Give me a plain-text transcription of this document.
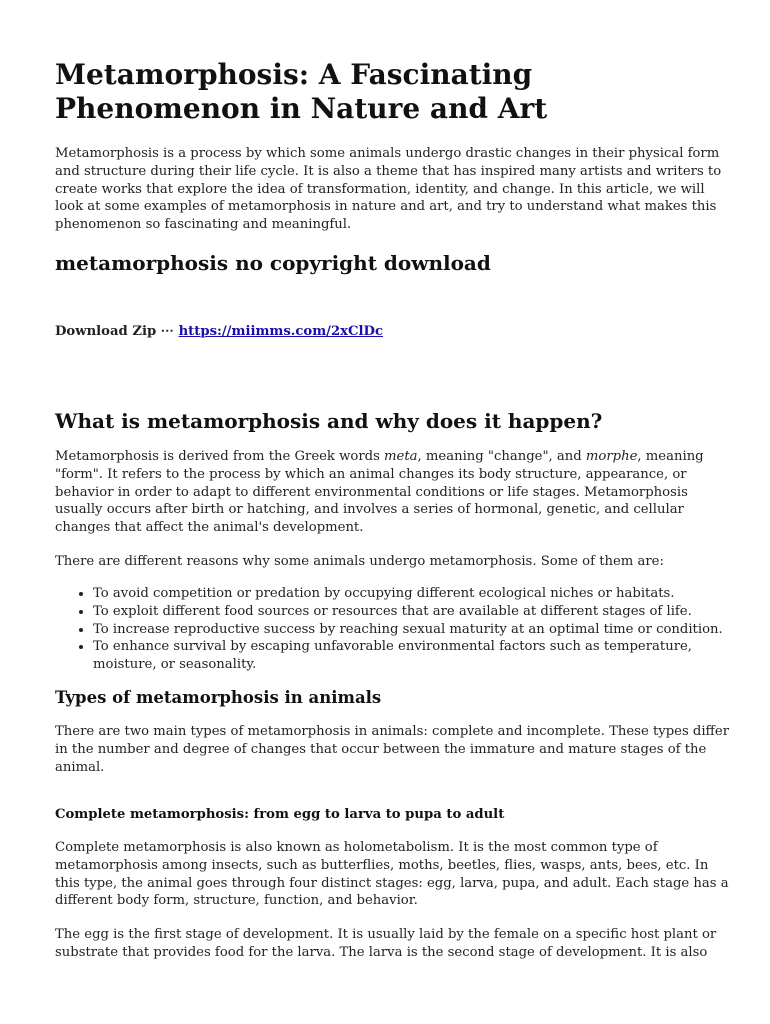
Metamorphosis: A Fascinating Phenomenon in Nature and Art

Metamorphosis is a process by which some animals undergo drastic changes in their physical form and structure during their life cycle. It is also a theme that has inspired many artists and writers to create works that explore the idea of transformation, identity, and change. In this article, we will look at some examples of metamorphosis in nature and art, and try to understand what makes this phenomenon so fascinating and meaningful.

metamorphosis no copyright download
Download Zip ⋯ https://miimms.com/2xClDc
What is metamorphosis and why does it happen?

Metamorphosis is derived from the Greek words meta, meaning "change", and morphe, meaning "form". It refers to the process by which an animal changes its body structure, appearance, or behavior in order to adapt to different environmental conditions or life stages. Metamorphosis usually occurs after birth or hatching, and involves a series of hormonal, genetic, and cellular changes that affect the animal's development.

There are different reasons why some animals undergo metamorphosis. Some of them are:

• To avoid competition or predation by occupying different ecological niches or habitats.
• To exploit different food sources or resources that are available at different stages of life.
• To increase reproductive success by reaching sexual maturity at an optimal time or condition.
• To enhance survival by escaping unfavorable environmental factors such as temperature, moisture, or seasonality.
Types of metamorphosis in animals

There are two main types of metamorphosis in animals: complete and incomplete. These types differ in the number and degree of changes that occur between the immature and mature stages of the animal.

Complete metamorphosis: from egg to larva to pupa to adult

Complete metamorphosis is also known as holometabolism. It is the most common type of metamorphosis among insects, such as butterflies, moths, beetles, flies, wasps, ants, bees, etc. In this type, the animal goes through four distinct stages: egg, larva, pupa, and adult. Each stage has a different body form, structure, function, and behavior.

The egg is the first stage of development. It is usually laid by the female on a specific host plant or substrate that provides food for the larva. The larva is the second stage of development. It is also
